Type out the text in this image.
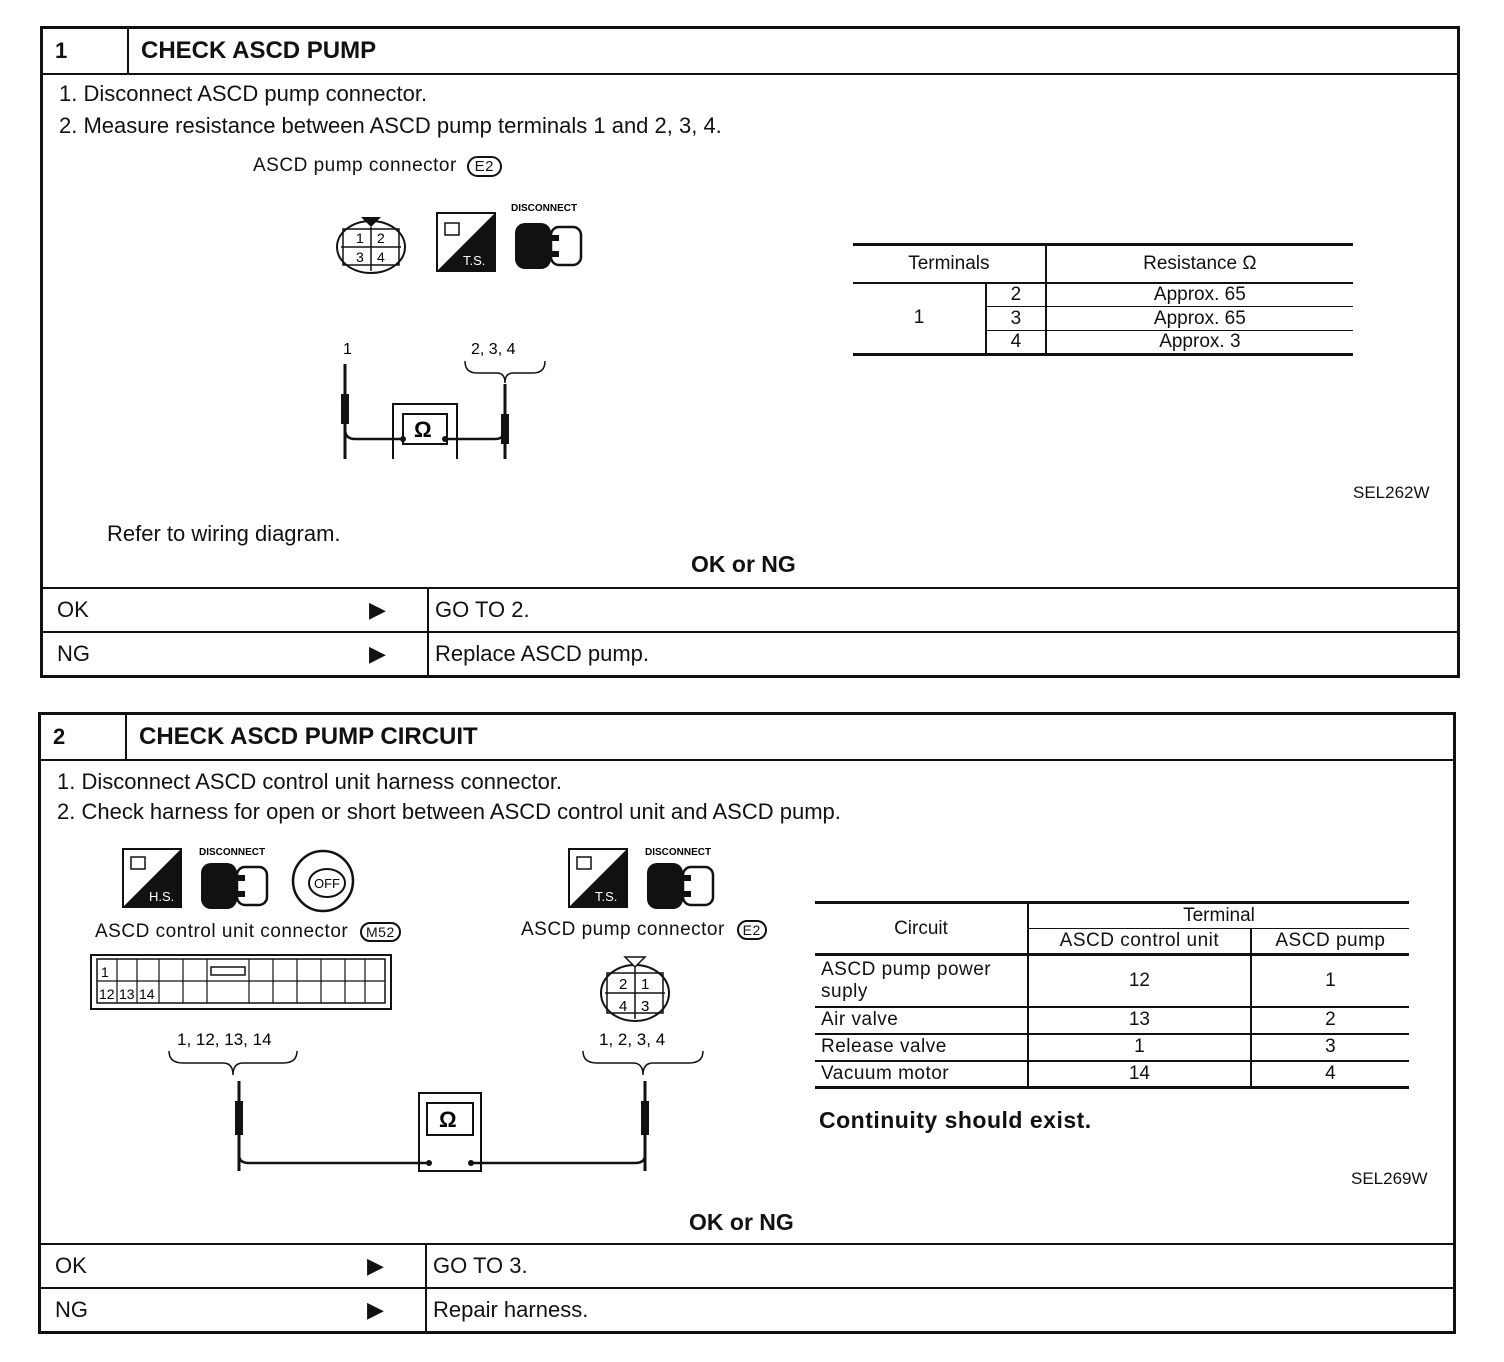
1	CHECK ASCD PUMP
1. Disconnect ASCD pump connector.
2. Measure resistance between ASCD pump terminals 1 and 2, 3, 4.
ASCD pump connector E2
1 2
3 4	T.S.
DISCONNECT
1	2, 3, 4
Ω
Terminals		Resistance Ω
1	2	Approx. 65
	3	Approx. 65
	4	Approx. 3
SEL262W
Refer to wiring diagram.
OK or NG
OK	▶	GO TO 2.
NG	▶	Replace ASCD pump.
2	CHECK ASCD PUMP CIRCUIT
1. Disconnect ASCD control unit harness connector.
2. Check harness for open or short between ASCD control unit and ASCD pump.
H.S.
DISCONNECT
OFF
T.S.
DISCONNECT
ASCD control unit connector M52	ASCD pump connector E2
1
12 13 14
1, 12, 13, 14
2 1
4 3
1, 2, 3, 4
Ω
Circuit	Terminal	
	ASCD control unit	ASCD pump
ASCD pump power suply	12	1
Air valve	13	2
Release valve	1	3
Vacuum motor	14	4
Continuity should exist.
SEL269W
OK or NG
OK	▶	GO TO 3.
NG	▶	Repair harness.
